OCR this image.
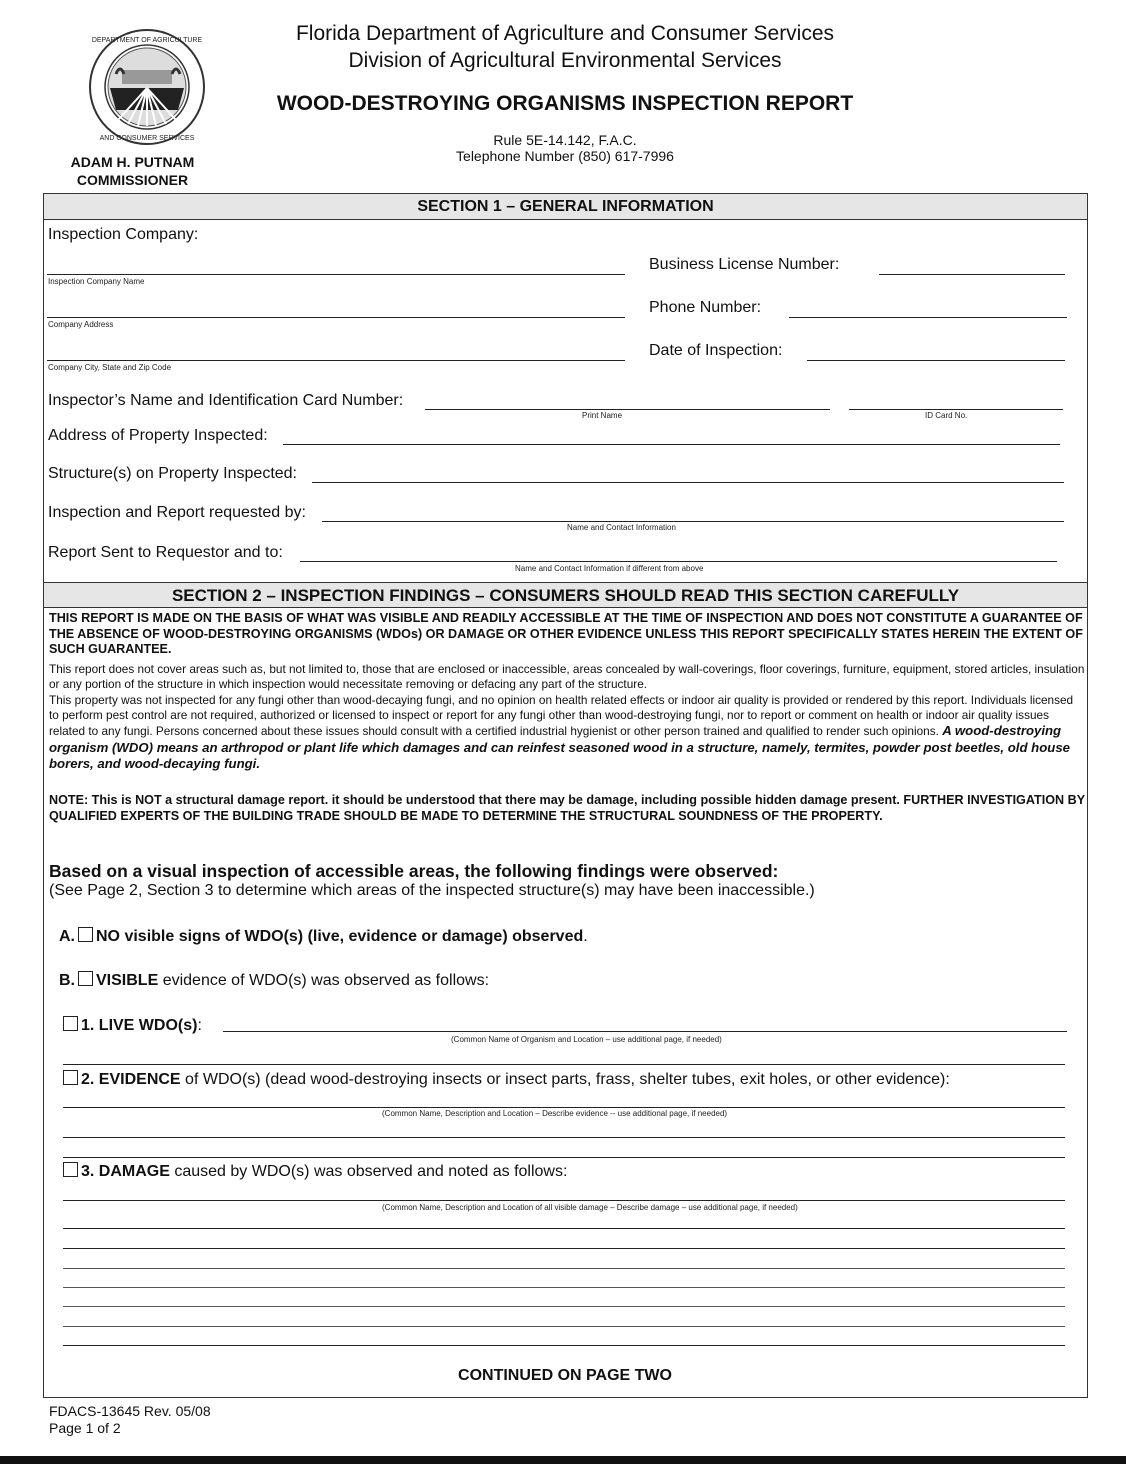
DEPARTMENT OF AGRICULTURE
AND CONSUMER SERVICES
Florida Department of Agriculture and Consumer Services
Division of Agricultural Environmental Services
WOOD-DESTROYING ORGANISMS INSPECTION REPORT
Rule 5E-14.142, F.A.C.
Telephone Number (850) 617-7996
ADAM H. PUTNAM
COMMISSIONER
SECTION 1 – GENERAL INFORMATION
Inspection Company:
Inspection Company Name
Business License Number:
Company Address
Phone Number:
Company City, State and Zip Code
Date of Inspection:
Inspector’s Name and Identification Card Number:
Print Name	ID Card No.
Address of Property Inspected:
Structure(s) on Property Inspected:
Inspection and Report requested by:
Name and Contact Information
Report Sent to Requestor and to:
Name and Contact Information if different from above
SECTION 2 – INSPECTION FINDINGS – CONSUMERS SHOULD READ THIS SECTION CAREFULLY
THIS REPORT IS MADE ON THE BASIS OF WHAT WAS VISIBLE AND READILY ACCESSIBLE AT THE TIME OF INSPECTION AND DOES NOT CONSTITUTE A GUARANTEE OF THE ABSENCE OF WOOD-DESTROYING ORGANISMS (WDOs) OR DAMAGE OR OTHER EVIDENCE UNLESS THIS REPORT SPECIFICALLY STATES HEREIN THE EXTENT OF SUCH GUARANTEE.
This report does not cover areas such as, but not limited to, those that are enclosed or inaccessible, areas concealed by wall-coverings, floor coverings, furniture, equipment, stored articles, insulation or any portion of the structure in which inspection would necessitate removing or defacing any part of the structure.
This property was not inspected for any fungi other than wood-decaying fungi, and no opinion on health related effects or indoor air quality is provided or rendered by this report. Individuals licensed to perform pest control are not required, authorized or licensed to inspect or report for any fungi other than wood-destroying fungi, nor to report or comment on health or indoor air quality issues related to any fungi. Persons concerned about these issues should consult with a certified industrial hygienist or other person trained and qualified to render such opinions. A wood-destroying organism (WDO) means an arthropod or plant life which damages and can reinfest seasoned wood in a structure, namely, termites, powder post beetles, old house borers, and wood-decaying fungi.
NOTE: This is NOT a structural damage report. it should be understood that there may be damage, including possible hidden damage present. FURTHER INVESTIGATION BY QUALIFIED EXPERTS OF THE BUILDING TRADE SHOULD BE MADE TO DETERMINE THE STRUCTURAL SOUNDNESS OF THE PROPERTY.
Based on a visual inspection of accessible areas, the following findings were observed:
(See Page 2, Section 3 to determine which areas of the inspected structure(s) may have been inaccessible.)
A. NO visible signs of WDO(s) (live, evidence or damage) observed.
B. VISIBLE evidence of WDO(s) was observed as follows:
1. LIVE WDO(s):
(Common Name of Organism and Location – use additional page, if needed)
2. EVIDENCE of WDO(s) (dead wood-destroying insects or insect parts, frass, shelter tubes, exit holes, or other evidence):
(Common Name, Description and Location – Describe evidence -- use additional page, if needed)
3. DAMAGE caused by WDO(s) was observed and noted as follows:
(Common Name, Description and Location of all visible damage – Describe damage – use additional page, if needed)
CONTINUED ON PAGE TWO
FDACS-13645 Rev. 05/08
Page 1 of 2
